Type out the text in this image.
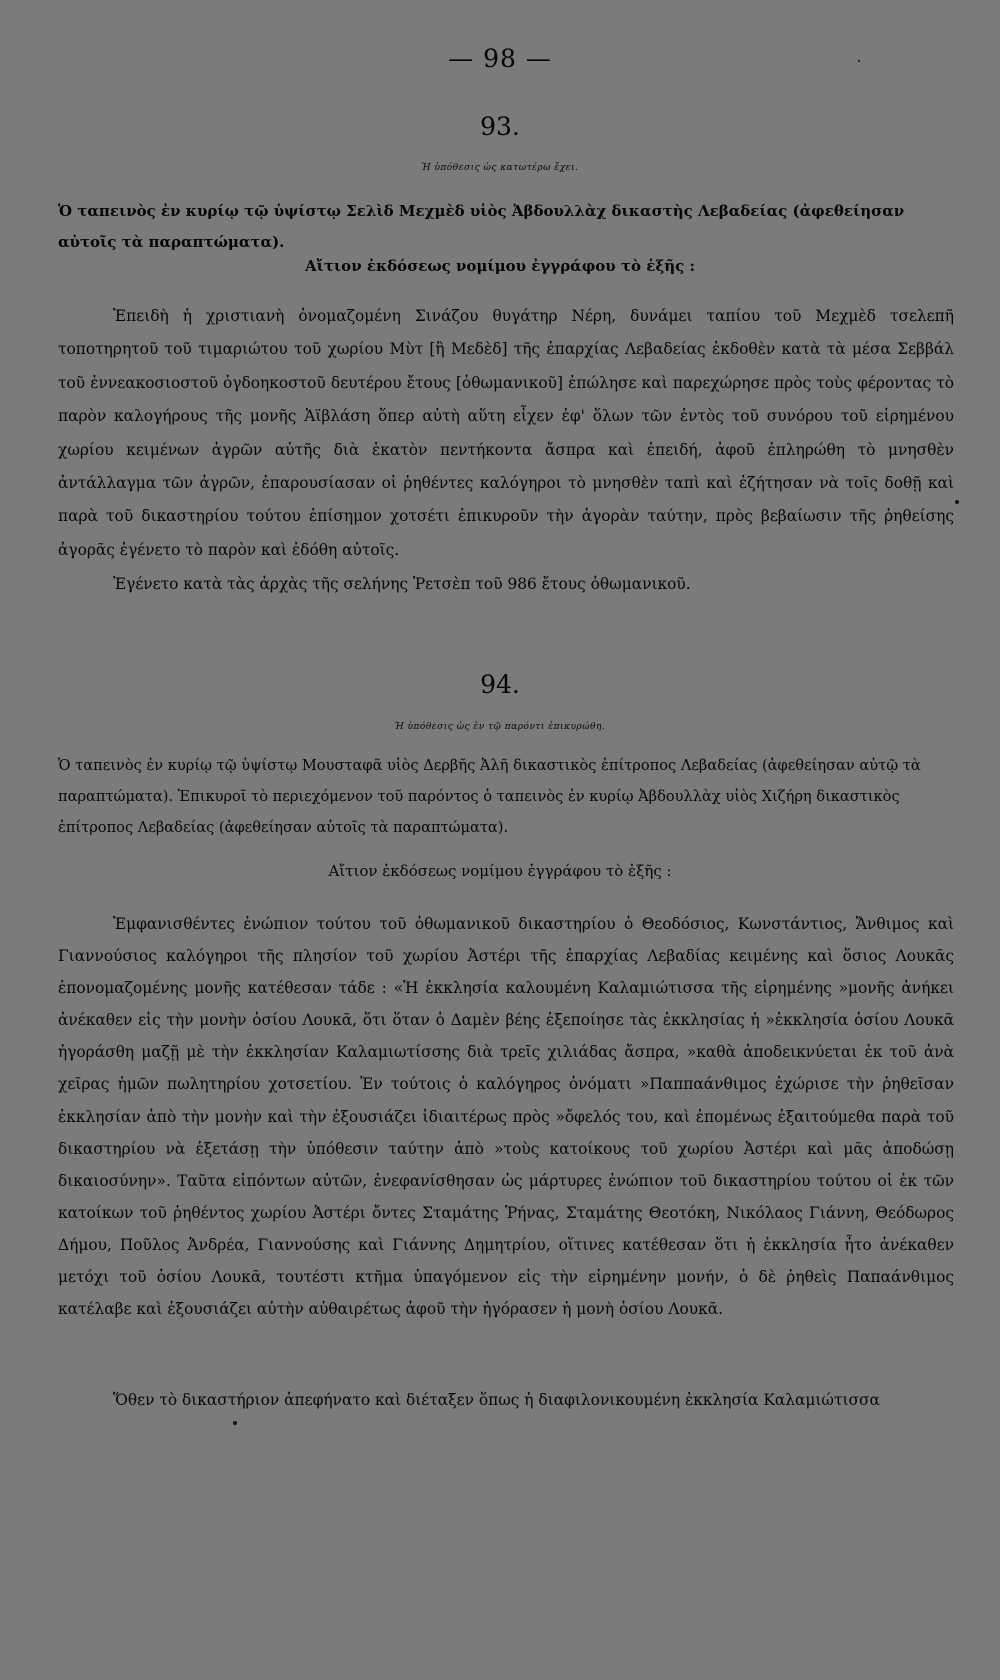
— 98 —
93.
Ἡ ὑπόθεσις ὡς κατωτέρω ἔχει.
Ὁ ταπεινὸς ἐν κυρίῳ τῷ ὑψίστῳ Σελὶδ Μεχμὲδ υἱὸς Ἀβδουλλὰχ δικαστὴς Λεβαδείας (ἀφεθείησαν αὐτοῖς τὰ παραπτώματα).
Αἴτιον ἐκδόσεως νομίμου ἐγγράφου τὸ ἑξῆς :

Ἐπειδὴ ἡ χριστιανὴ ὀνομαζομένη Σινάζου θυγάτηρ Νέρη, δυνάμει ταπίου τοῦ Μεχμὲδ τσελεπῆ τοποτηρητοῦ τοῦ τιμαριώτου τοῦ χωρίου Μὺτ [ἢ Μεδὲδ] τῆς ἐπαρχίας Λεβαδείας ἐκδοθὲν κατὰ τὰ μέσα Σεββάλ τοῦ ἐννεακοσιοστοῦ ὀγδοηκοστοῦ δευτέρου ἔτους [ὀθωμανικοῦ] ἐπώλησε καὶ παρεχώρησε πρὸς τοὺς φέροντας τὸ παρὸν καλογήρους τῆς μονῆς Ἁϊβλάση ὅπερ αὐτὴ αὕτη εἶχεν ἐφ' ὅλων τῶν ἐντὸς τοῦ συνόρου τοῦ εἰρημένου χωρίου κειμένων ἀγρῶν αὐτῆς διὰ ἑκατὸν πεντήκοντα ἄσπρα καὶ ἐπειδή, ἀφοῦ ἐπληρώθη τὸ μνησθὲν ἀντάλλαγμα τῶν ἀγρῶν, ἐπαρουσίασαν οἱ ῥηθέντες καλόγηροι τὸ μνησθὲν ταπὶ καὶ ἐζήτησαν νὰ τοῖς δοθῇ καὶ παρὰ τοῦ δικαστηρίου τούτου ἐπίσημον χοτσέτι ἐπικυροῦν τὴν ἀγορὰν ταύτην, πρὸς βεβαίωσιν τῆς ῥηθείσης ἀγορᾶς ἐγένετο τὸ παρὸν καὶ ἐδόθη αὐτοῖς.

Ἐγένετο κατὰ τὰς ἀρχὰς τῆς σελήνης Ῥετσὲπ τοῦ 986 ἔτους ὀθωμανικοῦ.

94.
Ἡ ὑπόθεσις ὡς ἐν τῷ παρόντι ἐπικυρώθη.
Ὁ ταπεινὸς ἐν κυρίῳ τῷ ὑψίστῳ Μουσταφᾶ υἱὸς Δερβῆς Ἀλῆ δικαστικὸς ἐπίτροπος Λεβαδείας (ἀφεθείησαν αὐτῷ τὰ παραπτώματα). Ἐπικυροῖ τὸ περιεχόμενον τοῦ παρόντος ὁ ταπεινὸς ἐν κυρίῳ Ἀβδουλλὰχ υἱὸς Χιζήρη δικαστικὸς ἐπίτροπος Λεβαδείας (ἀφεθείησαν αὐτοῖς τὰ παραπτώματα).
Αἴτιον ἐκδόσεως νομίμου ἐγγράφου τὸ ἑξῆς :

Ἐμφανισθέντες ἐνώπιον τούτου τοῦ ὀθωμανικοῦ δικαστηρίου ὁ Θεοδόσιος, Κωνστάντιος, Ἄνθιμος καὶ Γιαννούσιος καλόγηροι τῆς πλησίον τοῦ χωρίου Ἀστέρι τῆς ἐπαρχίας Λεβαδίας κειμένης καὶ ὅσιος Λουκᾶς ἐπονομαζομένης μονῆς κατέθεσαν τάδε : «Ἡ ἐκκλησία καλουμένη Καλαμιώτισσα τῆς εἰρημένης »μονῆς ἀνήκει ἀνέκαθεν εἰς τὴν μονὴν ὁσίου Λουκᾶ, ὅτι ὅταν ὁ Δαμὲν βέης ἐξεποίησε τὰς ἐκκλησίας ἡ »ἐκκλησία ὁσίου Λουκᾶ ἠγοράσθη μαζῇ μὲ τὴν ἐκκλησίαν Καλαμιωτίσσης διὰ τρεῖς χιλιάδας ἄσπρα, »καθὰ ἀποδεικνύεται ἐκ τοῦ ἀνὰ χεῖρας ἡμῶν πωλητηρίου χοτσετίου. Ἐν τούτοις ὁ καλόγηρος ὀνόματι »Παππαάνθιμος ἐχώρισε τὴν ῥηθεῖσαν ἐκκλησίαν ἀπὸ τὴν μονὴν καὶ τὴν ἐξουσιάζει ἰδιαιτέρως πρὸς »ὄφελός του, καὶ ἐπομένως ἐξαιτούμεθα παρὰ τοῦ δικαστηρίου νὰ ἐξετάσῃ τὴν ὑπόθεσιν ταύτην ἀπὸ »τοὺς κατοίκους τοῦ χωρίου Ἀστέρι καὶ μᾶς ἀποδώσῃ δικαιοσύνην». Ταῦτα εἰπόντων αὐτῶν, ἐνεφανίσθησαν ὡς μάρτυρες ἐνώπιον τοῦ δικαστηρίου τούτου οἱ ἐκ τῶν κατοίκων τοῦ ῥηθέντος χωρίου Ἀστέρι ὄντες Σταμάτης Ῥήνας, Σταμάτης Θεοτόκη, Νικόλαος Γιάννη, Θεόδωρος Δήμου, Ποῦλος Ἀνδρέα, Γιαννούσης καὶ Γιάννης Δημητρίου, οἵτινες κατέθεσαν ὅτι ἡ ἐκκλησία ἦτο ἀνέκαθεν μετόχι τοῦ ὁσίου Λουκᾶ, τουτέστι κτῆμα ὑπαγόμενον εἰς τὴν εἰρημένην μονήν, ὁ δὲ ῥηθεὶς Παπαάνθιμος κατέλαβε καὶ ἐξουσιάζει αὐτὴν αὐθαιρέτως ἀφοῦ τὴν ἠγόρασεν ἡ μονὴ ὁσίου Λουκᾶ.

Ὅθεν τὸ δικαστήριον ἀπεφήνατο καὶ διέταξεν ὅπως ἡ διαφιλονικουμένη ἐκκλησία Καλαμιώτισσα
